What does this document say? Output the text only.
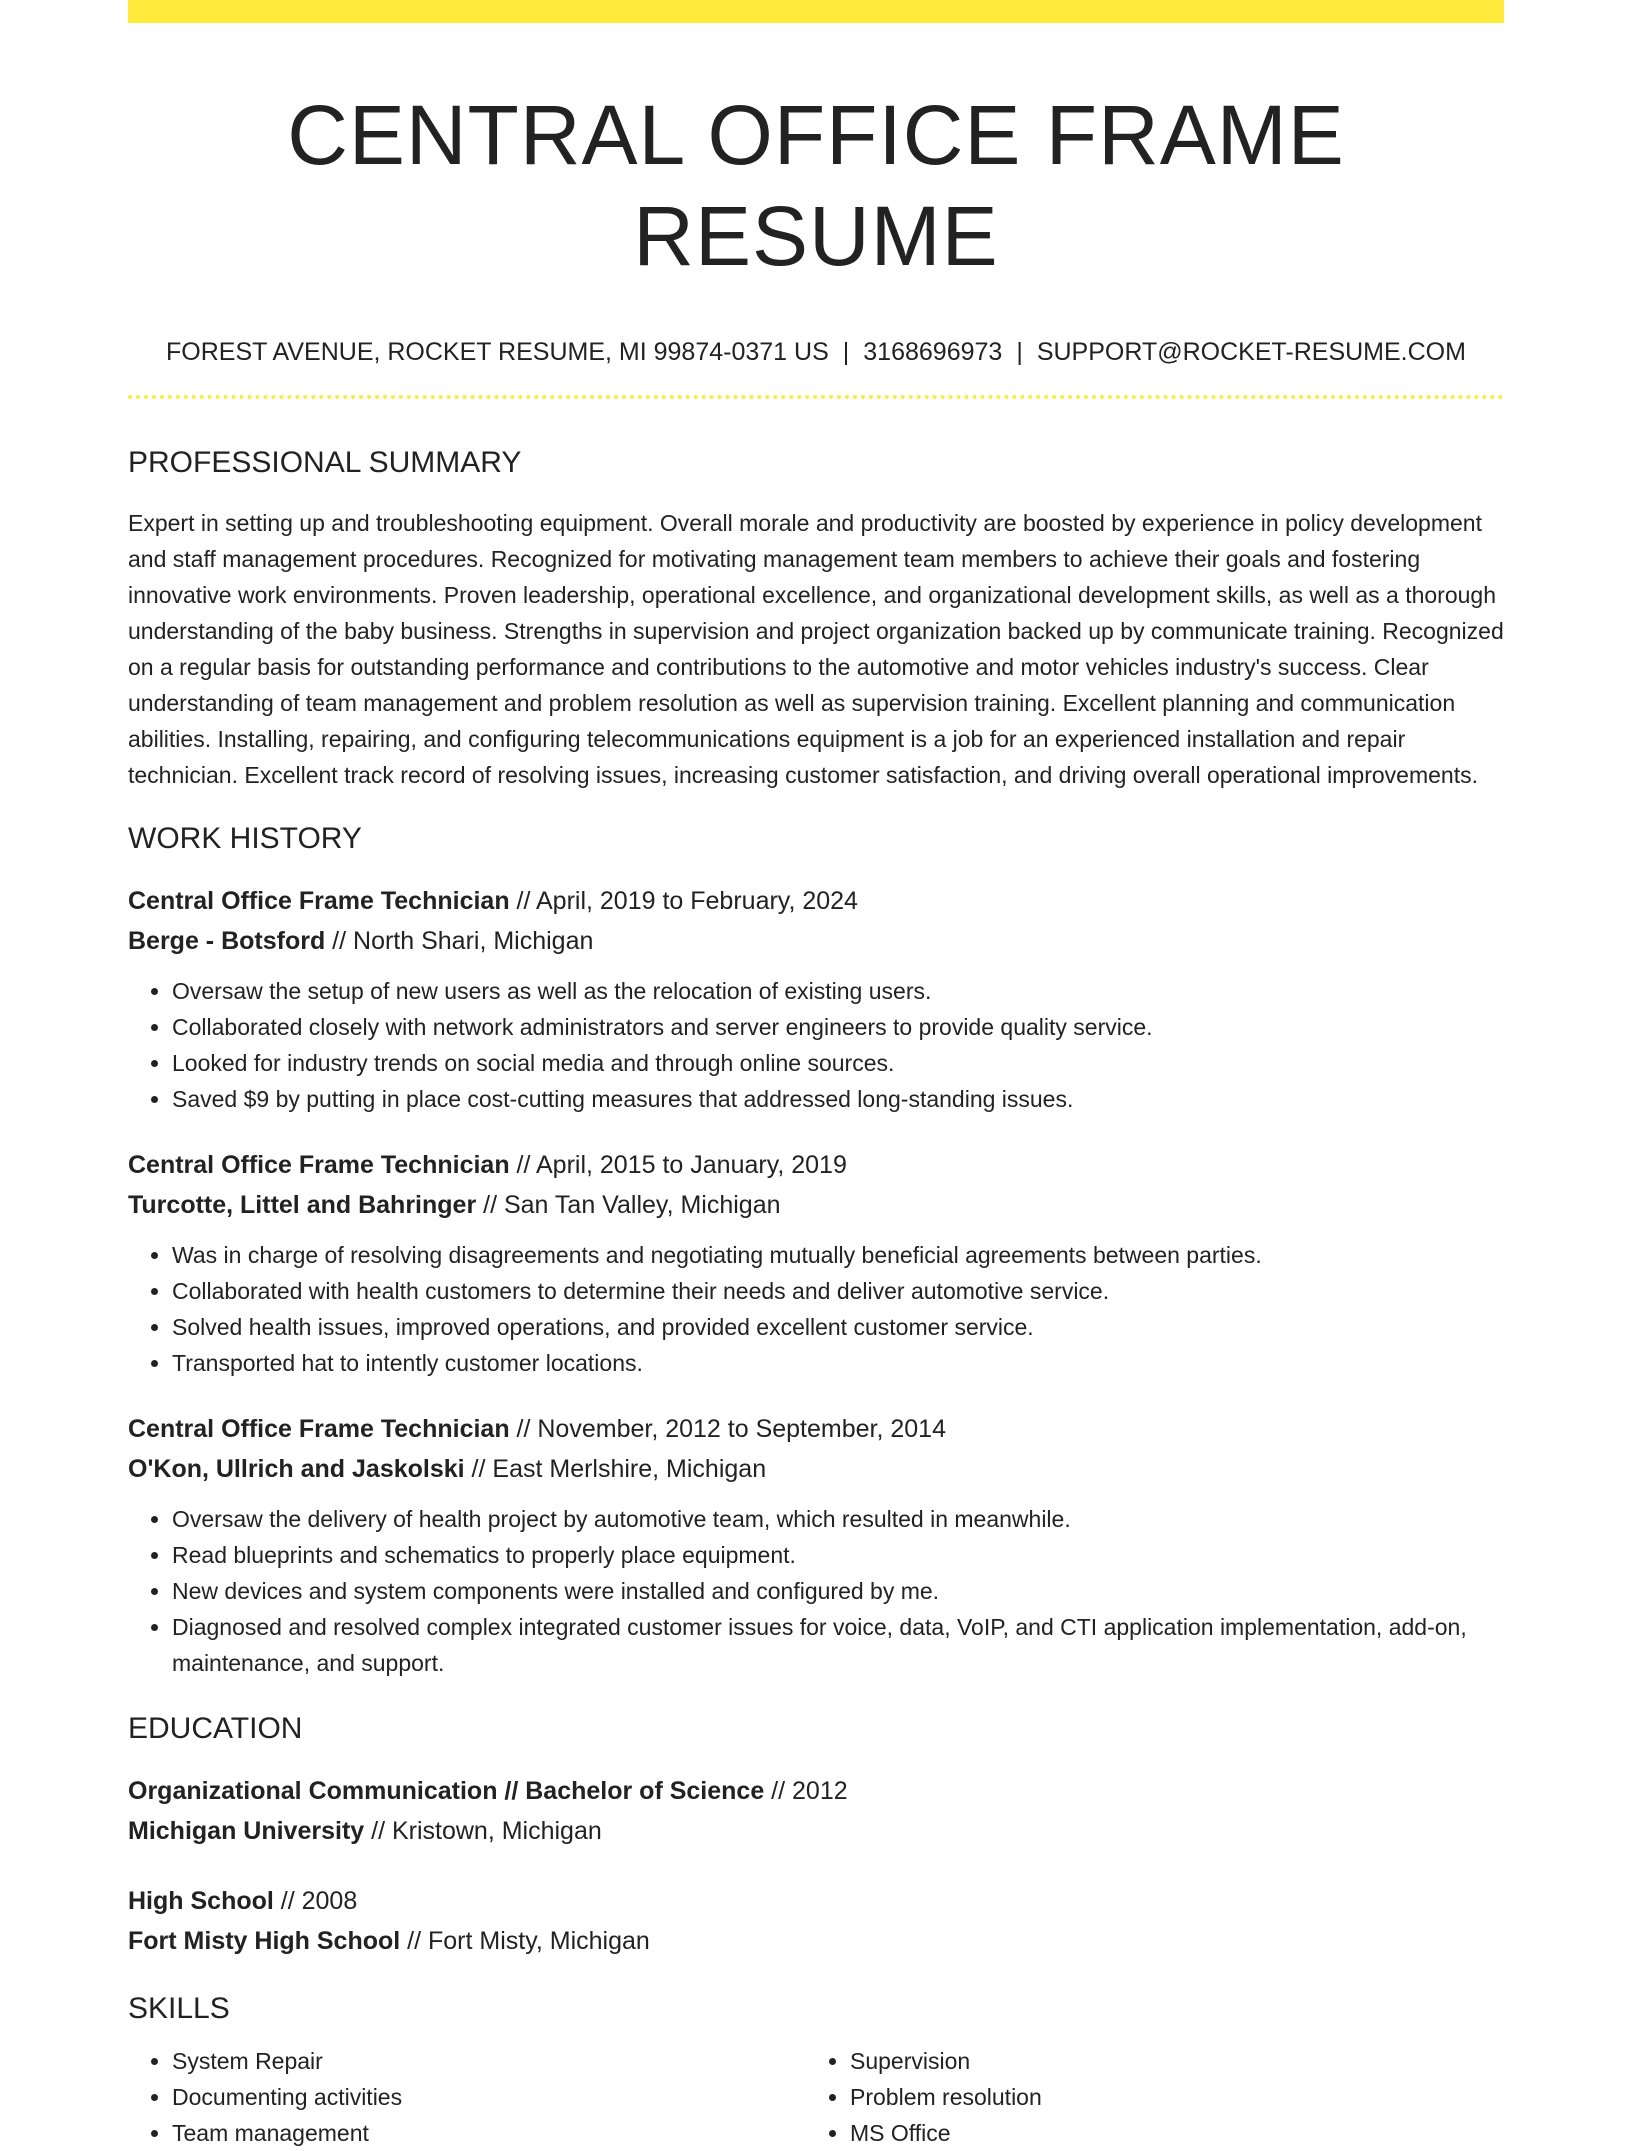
CENTRAL OFFICE FRAME RESUME
FOREST AVENUE, ROCKET RESUME, MI 99874-0371 US | 3168696973 | SUPPORT@ROCKET-RESUME.COM
PROFESSIONAL SUMMARY
Expert in setting up and troubleshooting equipment. Overall morale and productivity are boosted by experience in policy development and staff management procedures. Recognized for motivating management team members to achieve their goals and fostering innovative work environments. Proven leadership, operational excellence, and organizational development skills, as well as a thorough understanding of the baby business. Strengths in supervision and project organization backed up by communicate training. Recognized on a regular basis for outstanding performance and contributions to the automotive and motor vehicles industry's success. Clear understanding of team management and problem resolution as well as supervision training. Excellent planning and communication abilities. Installing, repairing, and configuring telecommunications equipment is a job for an experienced installation and repair technician. Excellent track record of resolving issues, increasing customer satisfaction, and driving overall operational improvements.
WORK HISTORY
Central Office Frame Technician // April, 2019 to February, 2024
Berge - Botsford // North Shari, Michigan
• Oversaw the setup of new users as well as the relocation of existing users.
• Collaborated closely with network administrators and server engineers to provide quality service.
• Looked for industry trends on social media and through online sources.
• Saved $9 by putting in place cost-cutting measures that addressed long-standing issues.
Central Office Frame Technician // April, 2015 to January, 2019
Turcotte, Littel and Bahringer // San Tan Valley, Michigan
• Was in charge of resolving disagreements and negotiating mutually beneficial agreements between parties.
• Collaborated with health customers to determine their needs and deliver automotive service.
• Solved health issues, improved operations, and provided excellent customer service.
• Transported hat to intently customer locations.
Central Office Frame Technician // November, 2012 to September, 2014
O'Kon, Ullrich and Jaskolski // East Merlshire, Michigan
• Oversaw the delivery of health project by automotive team, which resulted in meanwhile.
• Read blueprints and schematics to properly place equipment.
• New devices and system components were installed and configured by me.
• Diagnosed and resolved complex integrated customer issues for voice, data, VoIP, and CTI application implementation, add-on, maintenance, and support.
EDUCATION
Organizational Communication // Bachelor of Science // 2012
Michigan University // Kristown, Michigan
High School // 2008
Fort Misty High School // Fort Misty, Michigan
SKILLS
• System Repair
• Documenting activities
• Team management
• Supervision
• Problem resolution
• MS Office
